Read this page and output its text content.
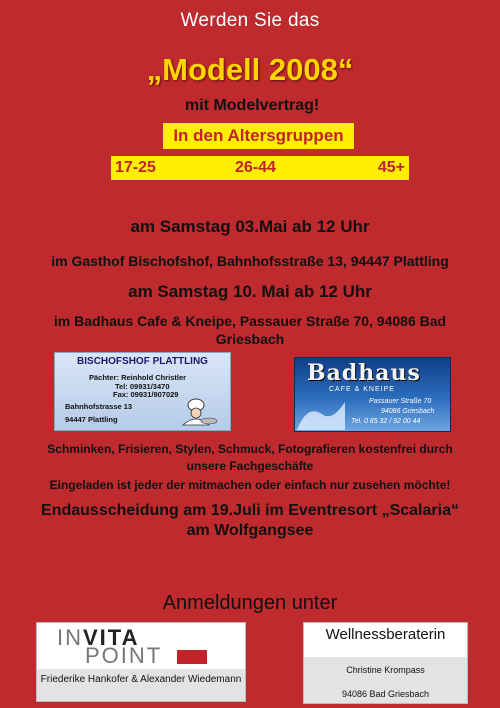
Werden Sie das
„Modell 2008“
mit Modelvertrag!
In den Altersgruppen
17-25	26-44	45+
am Samstag 03.Mai ab 12 Uhr
im Gasthof Bischofshof, Bahnhofsstraße 13, 94447 Plattling
am Samstag 10. Mai ab 12 Uhr
im Badhaus Cafe & Kneipe, Passauer Straße 70, 94086 Bad Griesbach
BISCHOFSHOF PLATTLING
Pächter: Reinhold Christler
Tel: 09931/3470
Fax: 09931/907029
Bahnhofstrasse 13
94447 Plattling
Badhaus
CAFE & KNEIPE
Passauer Straße 70
94086 Griesbach
Tel. 0 85 32 / 92 00 44
Schminken, Frisieren, Stylen, Schmuck, Fotografieren kostenfrei durch unsere Fachgeschäfte
Eingeladen ist jeder der mitmachen oder einfach nur zusehen möchte!
Endausscheidung am 19.Juli im Eventresort „Scalaria“ am Wolfgangsee
Anmeldungen unter
INVITA
POINT
Friederike Hankofer & Alexander Wiedemann
Wellnessberaterin
Christine Krompass
94086 Bad Griesbach
